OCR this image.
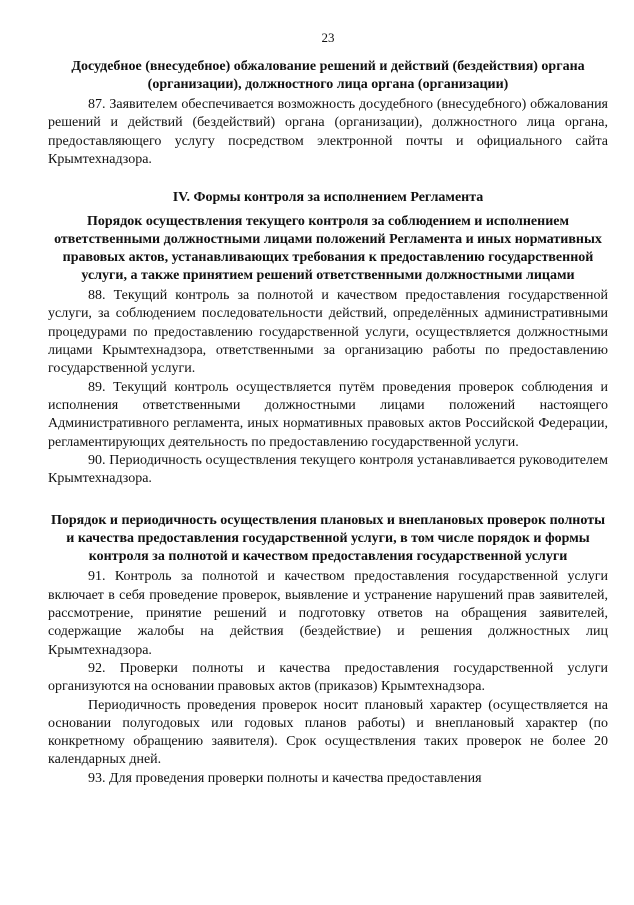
23

Досудебное (внесудебное) обжалование решений и действий (бездействия) органа (организации), должностного лица органа (организации)

87. Заявителем обеспечивается возможность досудебного (внесудебного) обжалования решений и действий (бездействий) органа (организации), должностного лица органа, предоставляющего услугу посредством электронной почты и официального сайта Крымтехнадзора.

IV. Формы контроля за исполнением Регламента

Порядок осуществления текущего контроля за соблюдением и исполнением ответственными должностными лицами положений Регламента и иных нормативных правовых актов, устанавливающих требования к предоставлению государственной услуги, а также принятием решений ответственными должностными лицами

88. Текущий контроль за полнотой и качеством предоставления государственной услуги, за соблюдением последовательности действий, определённых административными процедурами по предоставлению государственной услуги, осуществляется должностными лицами Крымтехнадзора, ответственными за организацию работы по предоставлению государственной услуги.

89. Текущий контроль осуществляется путём проведения проверок соблюдения и исполнения ответственными должностными лицами положений настоящего Административного регламента, иных нормативных правовых актов Российской Федерации, регламентирующих деятельность по предоставлению государственной услуги.

90. Периодичность осуществления текущего контроля устанавливается руководителем Крымтехнадзора.

Порядок и периодичность осуществления плановых и внеплановых проверок полноты и качества предоставления государственной услуги, в том числе порядок и формы контроля за полнотой и качеством предоставления государственной услуги

91. Контроль за полнотой и качеством предоставления государственной услуги включает в себя проведение проверок, выявление и устранение нарушений прав заявителей, рассмотрение, принятие решений и подготовку ответов на обращения заявителей, содержащие жалобы на действия (бездействие) и решения должностных лиц Крымтехнадзора.

92. Проверки полноты и качества предоставления государственной услуги организуются на основании правовых актов (приказов) Крымтехнадзора.

Периодичность проведения проверок носит плановый характер (осуществляется на основании полугодовых или годовых планов работы) и внеплановый характер (по конкретному обращению заявителя). Срок осуществления таких проверок не более 20 календарных дней.

93. Для проведения проверки полноты и качества предоставления
